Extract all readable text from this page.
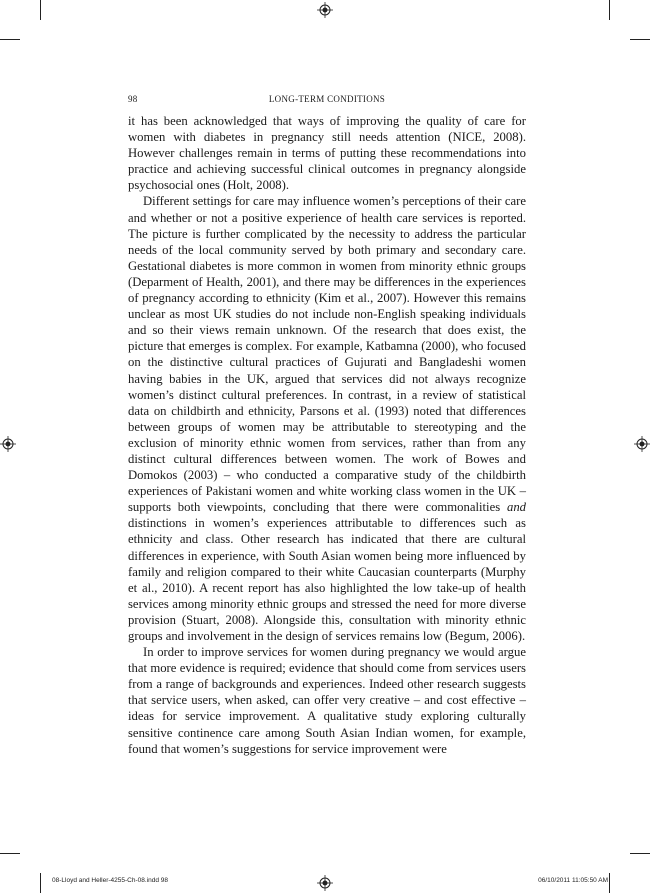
98	LONG-TERM CONDITIONS

it has been acknowledged that ways of improving the quality of care for women with diabetes in pregnancy still needs attention (NICE, 2008). However challenges remain in terms of putting these recommendations into practice and achieving successful clinical outcomes in pregnancy alongside psychosocial ones (Holt, 2008).

Different settings for care may influence women’s perceptions of their care and whether or not a positive experience of health care services is reported. The picture is further complicated by the necessity to address the particular needs of the local community served by both primary and secondary care. Gestational diabetes is more common in women from minority ethnic groups (Deparment of Health, 2001), and there may be differences in the experiences of pregnancy according to ethnicity (Kim et al., 2007). However this remains unclear as most UK studies do not include non-English speaking individuals and so their views remain unknown. Of the research that does exist, the picture that emerges is complex. For example, Katbamna (2000), who focused on the distinctive cultural practices of Gujurati and Bangladeshi women having babies in the UK, argued that services did not always recognize women’s distinct cultural preferences. In contrast, in a review of statistical data on childbirth and ethnicity, Parsons et al. (1993) noted that differences between groups of women may be attributable to stereotyping and the exclusion of minority ethnic women from services, rather than from any distinct cultural differences between women. The work of Bowes and Domokos (2003) – who conducted a comparative study of the childbirth experiences of Pakistani women and white working class women in the UK – supports both viewpoints, concluding that there were commonalities and distinctions in women’s experiences attributable to differences such as ethnicity and class. Other research has indicated that there are cultural differences in experience, with South Asian women being more influenced by family and religion compared to their white Caucasian counterparts (Murphy et al., 2010). A recent report has also highlighted the low take-up of health services among minority ethnic groups and stressed the need for more diverse provision (Stuart, 2008). Alongside this, consultation with minority ethnic groups and involvement in the design of services remains low (Begum, 2006).

In order to improve services for women during pregnancy we would argue that more evidence is required; evidence that should come from services users from a range of backgrounds and experiences. Indeed other research suggests that service users, when asked, can offer very creative – and cost effective – ideas for service improvement. A qualitative study exploring culturally sensitive continence care among South Asian Indian women, for example, found that women’s suggestions for service improvement were

08-Lloyd and Heller-4255-Ch-08.indd 98	06/10/2011 11:05:50 AM
